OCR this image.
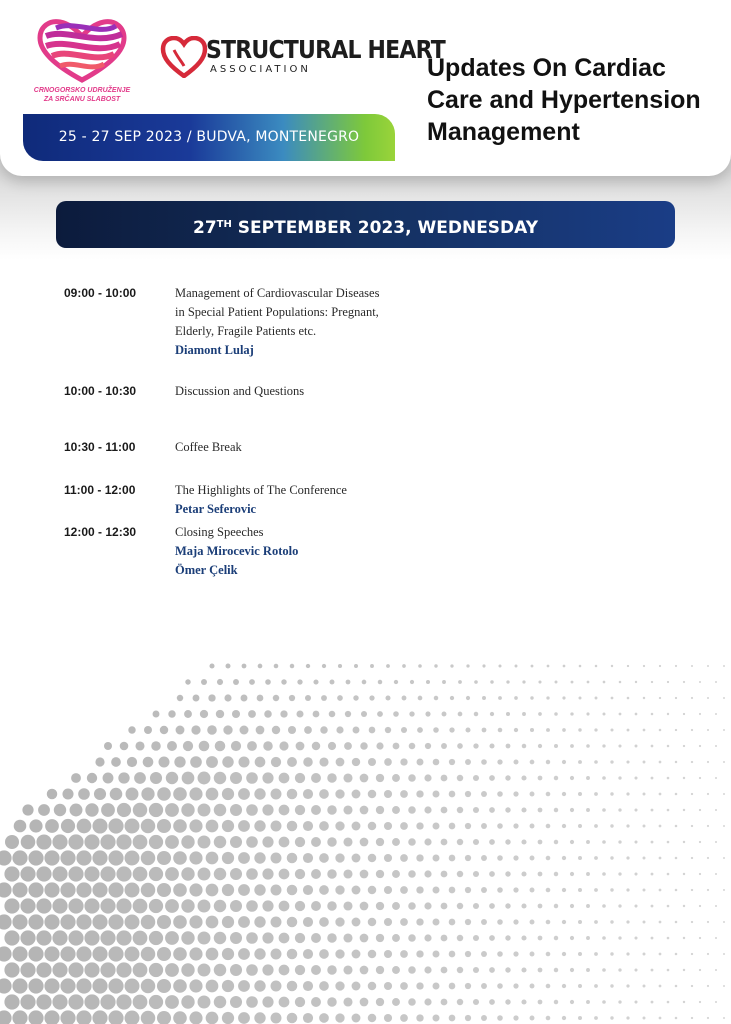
CRNOGORSKO UDRUŽENJE
ZA SRČANU SLABOST
STRUCTURAL HEART
ASSOCIATION
25 - 27 SEP 2023 / BUDVA, MONTENEGRO
Updates On Cardiac Care and Hypertension Management
27TH SEPTEMBER 2023, WEDNESDAY
09:00 - 10:00	Management of Cardiovascular Diseases in Special Patient Populations: Pregnant, Elderly, Fragile Patients etc.
Diamont Lulaj
10:00 - 10:30	Discussion and Questions
10:30 - 11:00	Coffee Break
11:00 - 12:00	The Highlights of The Conference
Petar Seferovic
12:00 - 12:30	Closing Speeches
Maja Mirocevic Rotolo
Ömer Çelik
